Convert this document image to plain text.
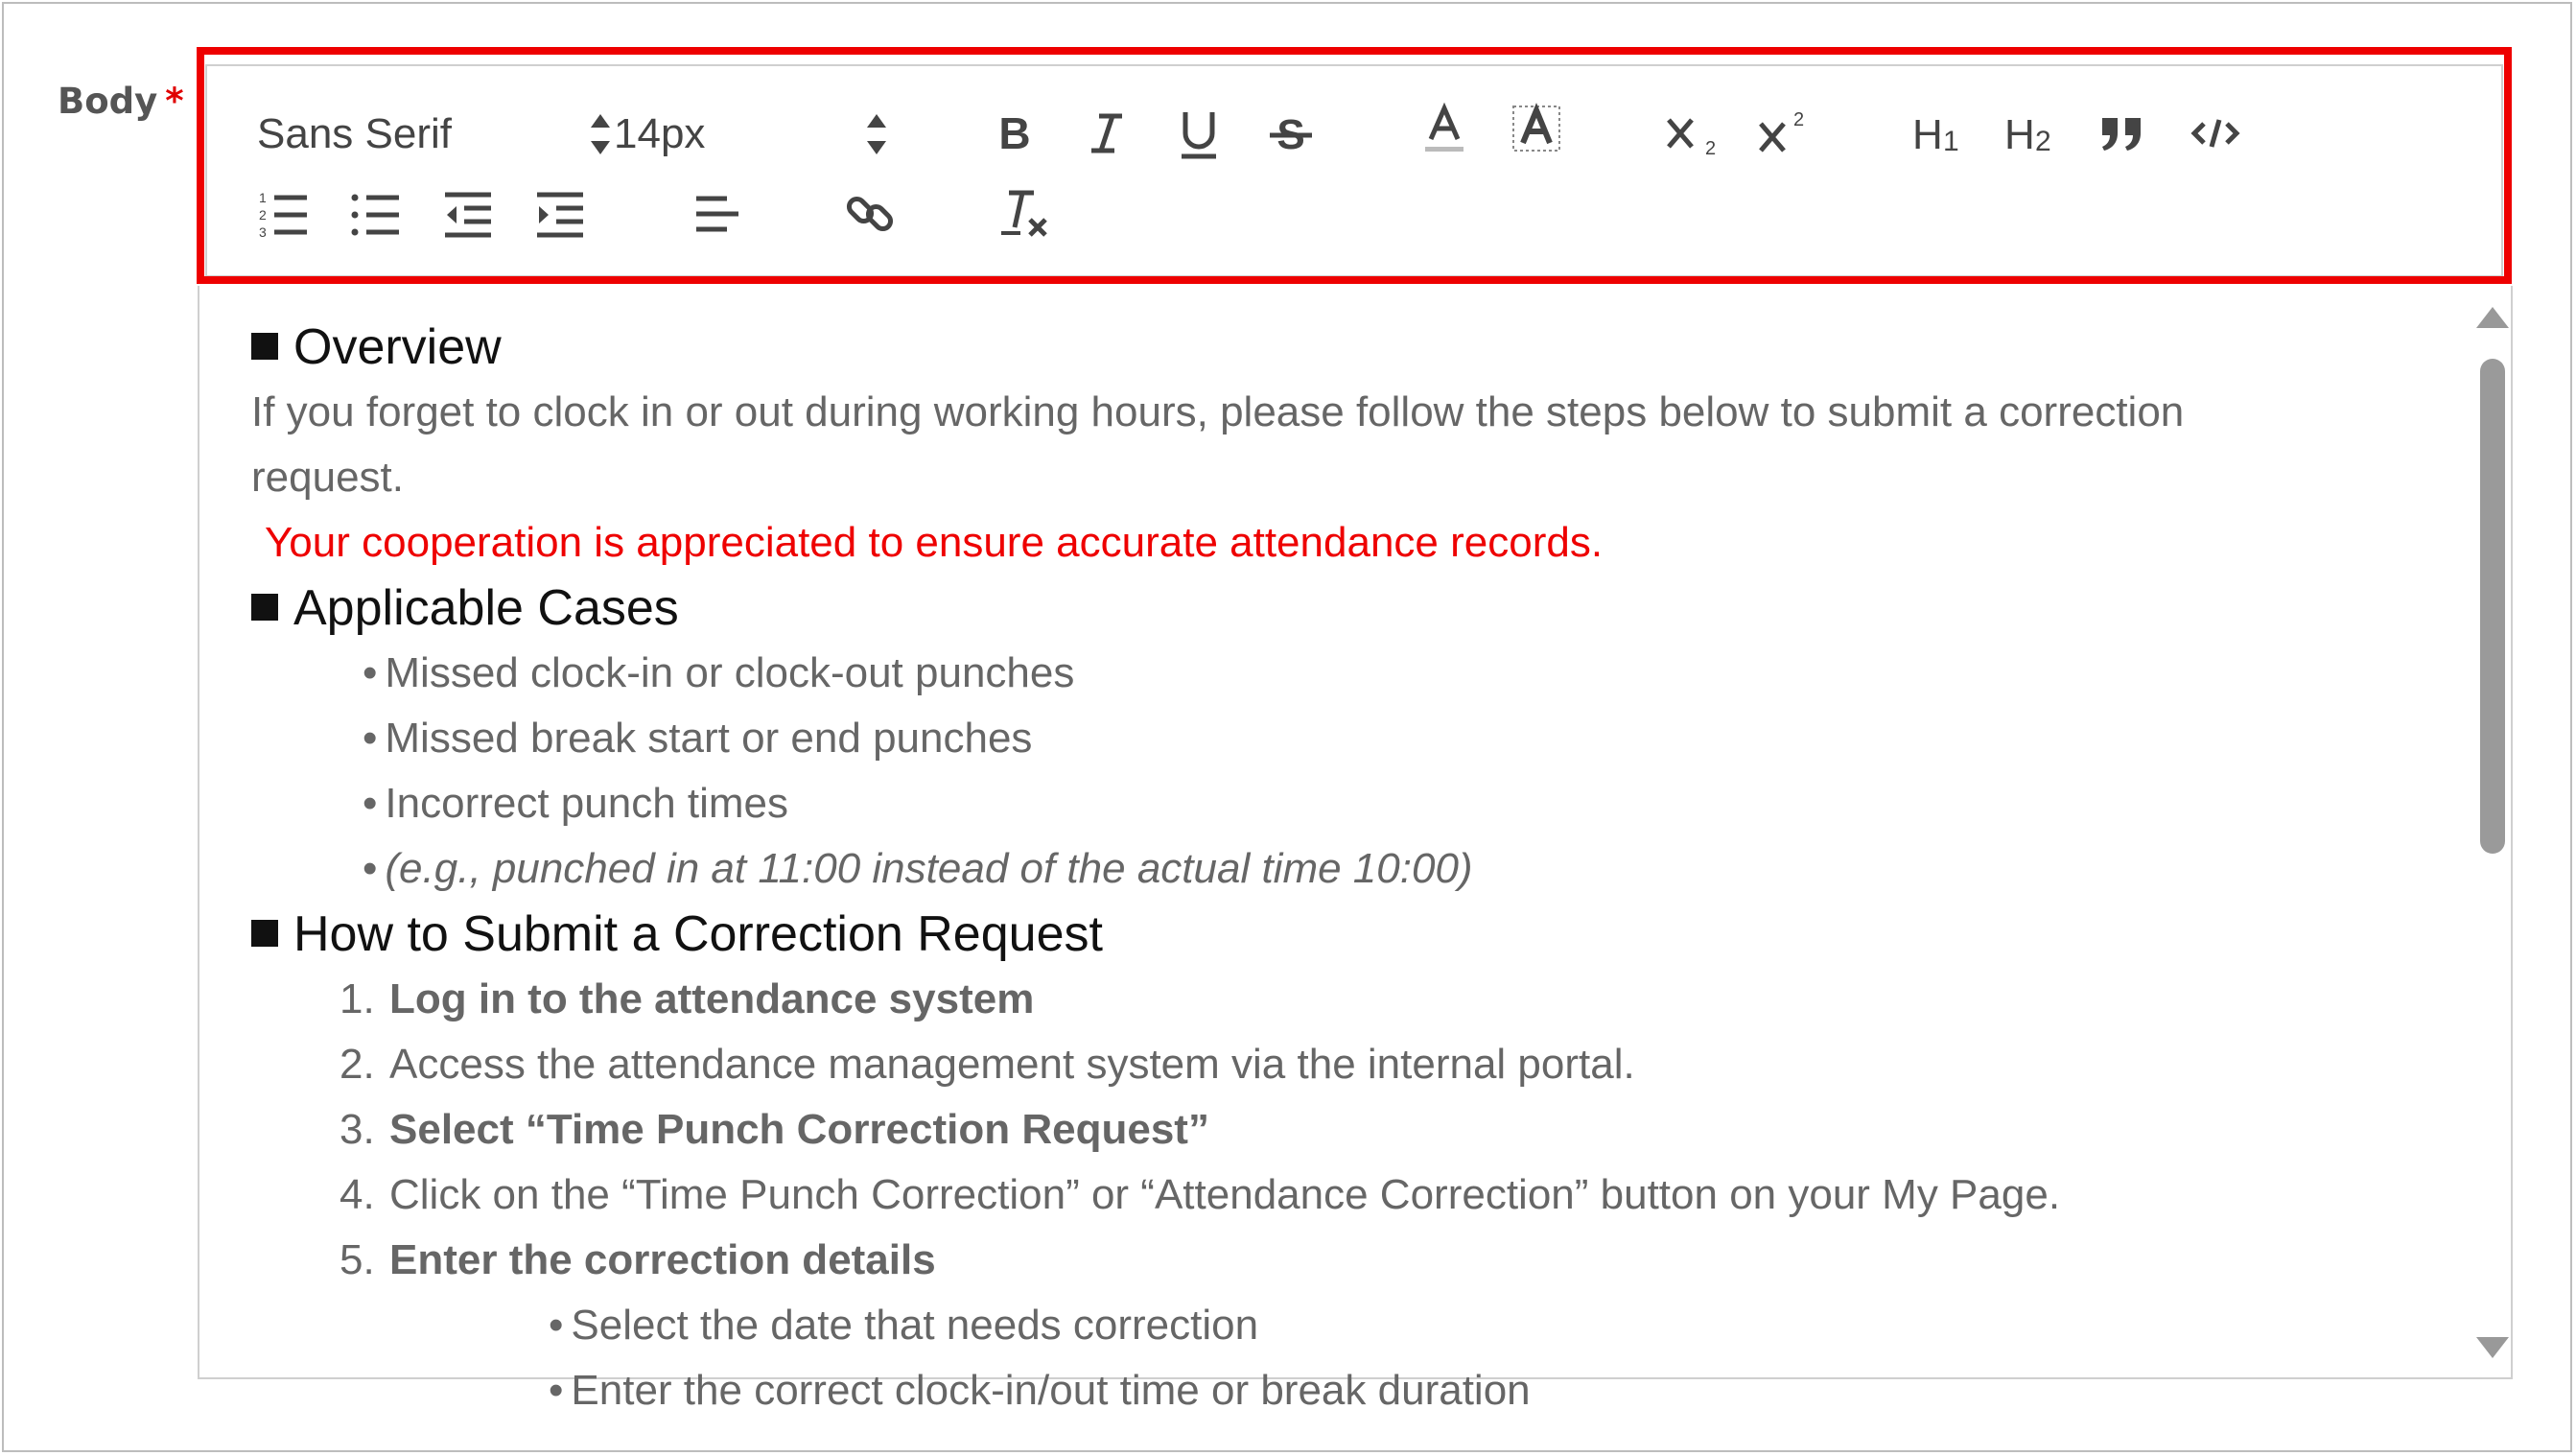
Body *
Sans Serif	14px	B	S	2
2	H 1 H 2
1
2
3
Overview
If you forget to clock in or out during working hours, please follow the steps below to submit a correction
request.
Your cooperation is appreciated to ensure accurate attendance records.
Applicable Cases
• Missed clock-in or clock-out punches
• Missed break start or end punches
• Incorrect punch times
• (e.g., punched in at 11:00 instead of the actual time 10:00)
How to Submit a Correction Request
1. Log in to the attendance system
2. Access the attendance management system via the internal portal.
3. Select “Time Punch Correction Request”
4. Click on the “Time Punch Correction” or “Attendance Correction” button on your My Page.
5. Enter the correction details
• Select the date that needs correction
• Enter the correct clock-in/out time or break duration
